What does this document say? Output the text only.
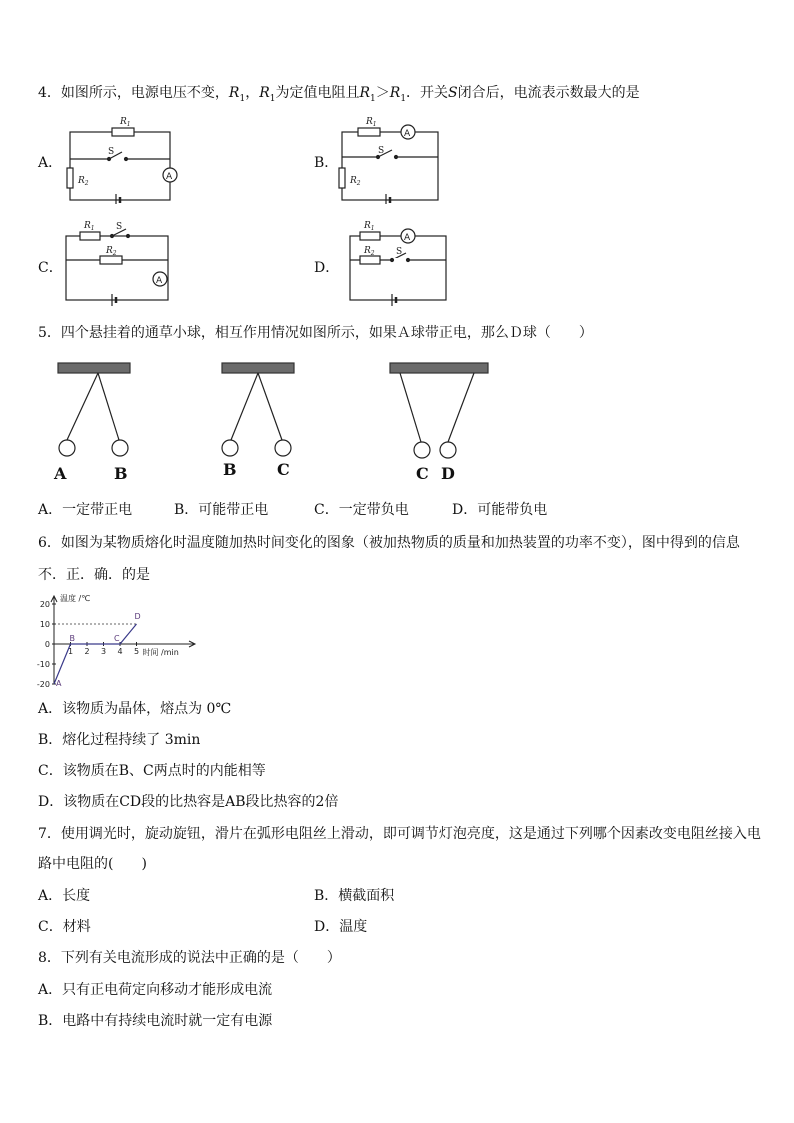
4．如图所示，电源电压不变，$R_1$，$R_1$为定值电阻且$R_1>R_1$．开关S闭合后，电流表示数最大的是
A．	B．
C．	D．
$R_1$
S
$R_2$
A
$R_1$
A
S
$R_2$
$R_1$ S
$R_2$
A
$R_1$
A
$R_2$ S
5．四个悬挂着的通草小球，相互作用情况如图所示，如果Ａ球带正电，那么Ｄ球（　　）
A	B	B	C	C D
A．一定带正电	B．可能带正电	C．一定带负电	D．可能带负电
6．如图为某物质熔化时温度随加热时间变化的图象（被加热物质的质量和加热装置的功率不变），图中得到的信息
不．正．确．的是
20
10
0
-10
-20
1 2 3 4 5
温度 /℃
时间 /min
A
B	C
D
A．该物质为晶体，熔点为 0℃
B．熔化过程持续了 3min
C．该物质在B、C两点时的内能相等
D．该物质在CD段的比热容是AB段比热容的2倍
7．使用调光时，旋动旋钮，滑片在弧形电阻丝上滑动，即可调节灯泡亮度，这是通过下列哪个因素改变电阻丝接入电
路中电阻的(　　)
A．长度	B．横截面积
C．材料	D．温度
8．下列有关电流形成的说法中正确的是（　　）
A．只有正电荷定向移动才能形成电流
B．电路中有持续电流时就一定有电源
